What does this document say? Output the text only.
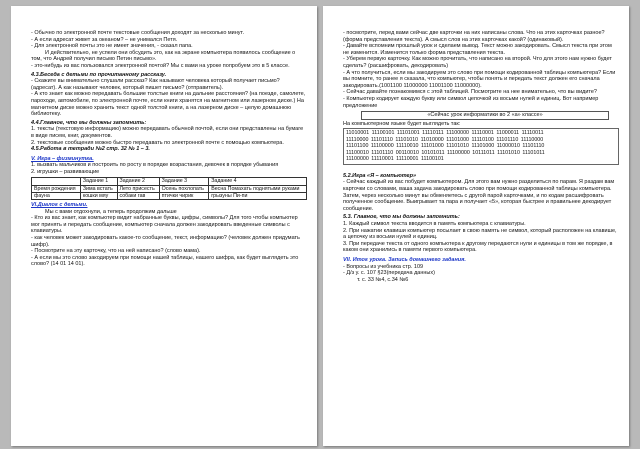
- Обычно по электронной почте текстовые сообщения доходят за несколько минут.

- А если адресат живет за океаном? – не унимался Петя.

- Для электронной почты это не имеет значения, - сказал папа.

И действительно, не успели они обсудить это, как на экране компьютера появилось сообщение о том, что Андрей получил письмо Петин письмо».

- это-нибудь из вас пользовался электронной почтой? Мы с вами на уроке попробуем это в 5 классе.

4.3.Беседа с детьми по прочитанному рассказу.

- Скажите вы внимательно слушали рассказ? Как называют человека который получает письмо? (адресат). А как называют человек, который пишет письмо? (отправитель).

- А кто знает как можно передавать большие толстые книги на дальние расстояния? (на поезде, самолете, пароходе, автомобиле, по электронной почте, если книги хранятся на магнитном или лазерном диске.) На магнитном диске можно хранить текст одной толстой книги, а на лазерном диске – целую домашнюю библиотеку.

4.4.Главное, что мы должны запомнить:

1. тексты (текстовую информацию) можно передавать обычной почтой, если они представлены на бумаге в виде писем, книг, документов.

2. текстовые сообщения можно быстро передавать по электронной почте с помощью компьютера.

4.5.Работа в тетради №2 стр. 32 № 1 – 3.

V. Игра – физминутка.

1. вызвать мальчиков и построить по росту в порядке возрастания, девочек в порядке убывания

2. игрушки – развивающие

	Задание 1	Задание 2	Задание 3	Задание 4
Время рождения	Зима встать	Лето присесть	Осень похлопать	Весна Помахать поднятыми руками
фауна	кошки мяу	собаки гав	птички чирик	грызуны Пи-пи

VI.Диалог с детьми.

Мы с вами отдохнули, а теперь продолжим дальше

- Кто из вас знает, как компьютер видит набранные буквы, цифры, символы? Для того чтобы компьютер мог принять и передать сообщение, компьютер сначала должен закодировать введенные символы с клавиатуры.

- как человек может закодировать какое-то сообщение, текст, информацию? (человек должен придумать шифр).

- Посмотрите на эту карточку, что на ней написано? (слово мама).

- А если мы это слово закодируем при помощи нашей таблицы, нашего шифра, как будет выглядеть это слово? (14 01 14 01).

- посмотрите, перед вами сейчас две карточки на них написаны слова. Что на этих карточках разное? (форма представления текста). А смысл слов на этих карточках какой? (одинаковый).

- Давайте вспомним прошлый урок и сделаем вывод. Текст можно закодировать. Смысл текста при этом не изменится. Изменится только форма представления текста.

- Уберем первую карточку. Как можно прочитать, что написано на второй. Что для этого нам нужно будет сделать? (расшифровать, декодировать)

- А что получиться, если мы закодируем это слово при помощи кодированной таблицы компьютера? Если вы помните, то ранее я сказала, что компьютер, чтобы понять и передать текст должен его сначала закодировать.(1001100 11000000 11001100 11000000).

- Сейчас давайте познакомимся с этой таблицей. Посмотрите на нее внимательно, что вы видите?

- Компьютер кодирует каждую букву или символ цепочкой из восьми нулей и единиц. Вот например предложение

«Сейчас урок информатики во 2 «а» классе»

На компьютерном языке будет выглядеть так:

11010001 11100101 11101001 11110111 11100000 11110001 11000011 11110011

11110000 11101110 11101010 11010000 11101000 11110100 11101110 11110000

11101100 11100000 11110010 11101000 11101010 11101000 11000010 11101110

11100010 11101110 00110010 10101011 11100000 10111011 11101010 11101011

11100000 11110001 11110001 11100101

5.2.Игра «Я – компьютер»

- Сейчас каждый из вас побудет компьютером. Для этого вам нужно разделиться по парам. Я раздам вам карточки со словами, ваша задача закодировать слово при помощи кодированной таблицы компьютера. Затем, через несколько минут вы обменяетесь с другой парой карточками, и по кодам расшифровать полученное сообщение. Выигрывает та пара и получает «5», которая быстрее и правильнее декодирует сообщение.

5.3. Главное, что мы должны запомнить:

1. Каждый символ текста вводится в память компьютера с клавиатуры.

2. При нажатии клавиши компьютер посылает в свою память не символ, который расположен на клавише, а цепочку из восьми нулей и единиц.

3. При передаче текста от одного компьютера к другому передаются нули и единицы в том же порядке, в каком они хранились в памяти первого компьютера.

VII. Итог урока. Запись домашнего задания.

- Вопросы из учебника стр. 109

- Д/з у. с. 107 §23(передача данных)

т. с. 33 №4, с.34 №6
